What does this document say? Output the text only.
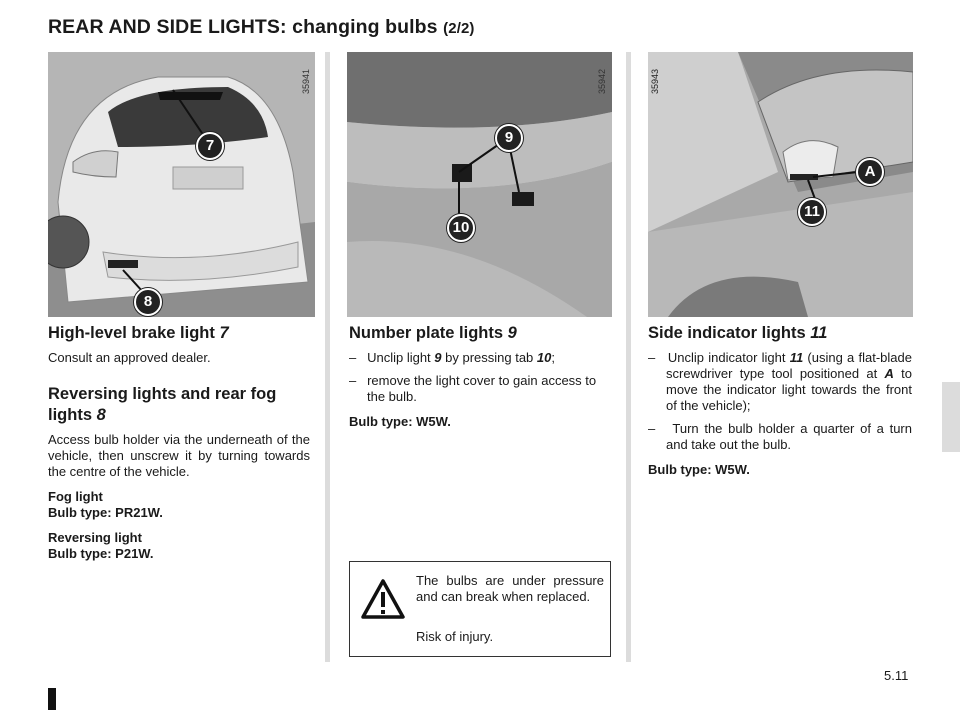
REAR AND SIDE LIGHTS: changing bulbs (2/2)
7
8
35941
9
10
35942
A
11
35943
High-level brake light 7
Consult an approved dealer.
Reversing lights and rear fog lights 8
Access bulb holder via the underneath of the vehicle, then unscrew it by turning towards the centre of the vehicle.
Fog light
Bulb type: PR21W.
Reversing light
Bulb type: P21W.
Number plate lights 9
–   Unclip light 9 by pressing tab 10;
–   remove the light cover to gain access to the bulb.
Bulb type: W5W.
The bulbs are under pressure and can break when replaced.
Risk of injury.
Side indicator lights 11
–   Unclip indicator light 11 (using a flat-blade screwdriver type tool positioned at A to move the indicator light towards the front of the vehicle);
–   Turn the bulb holder a quarter of a turn and take out the bulb.
Bulb type: W5W.
5.11
